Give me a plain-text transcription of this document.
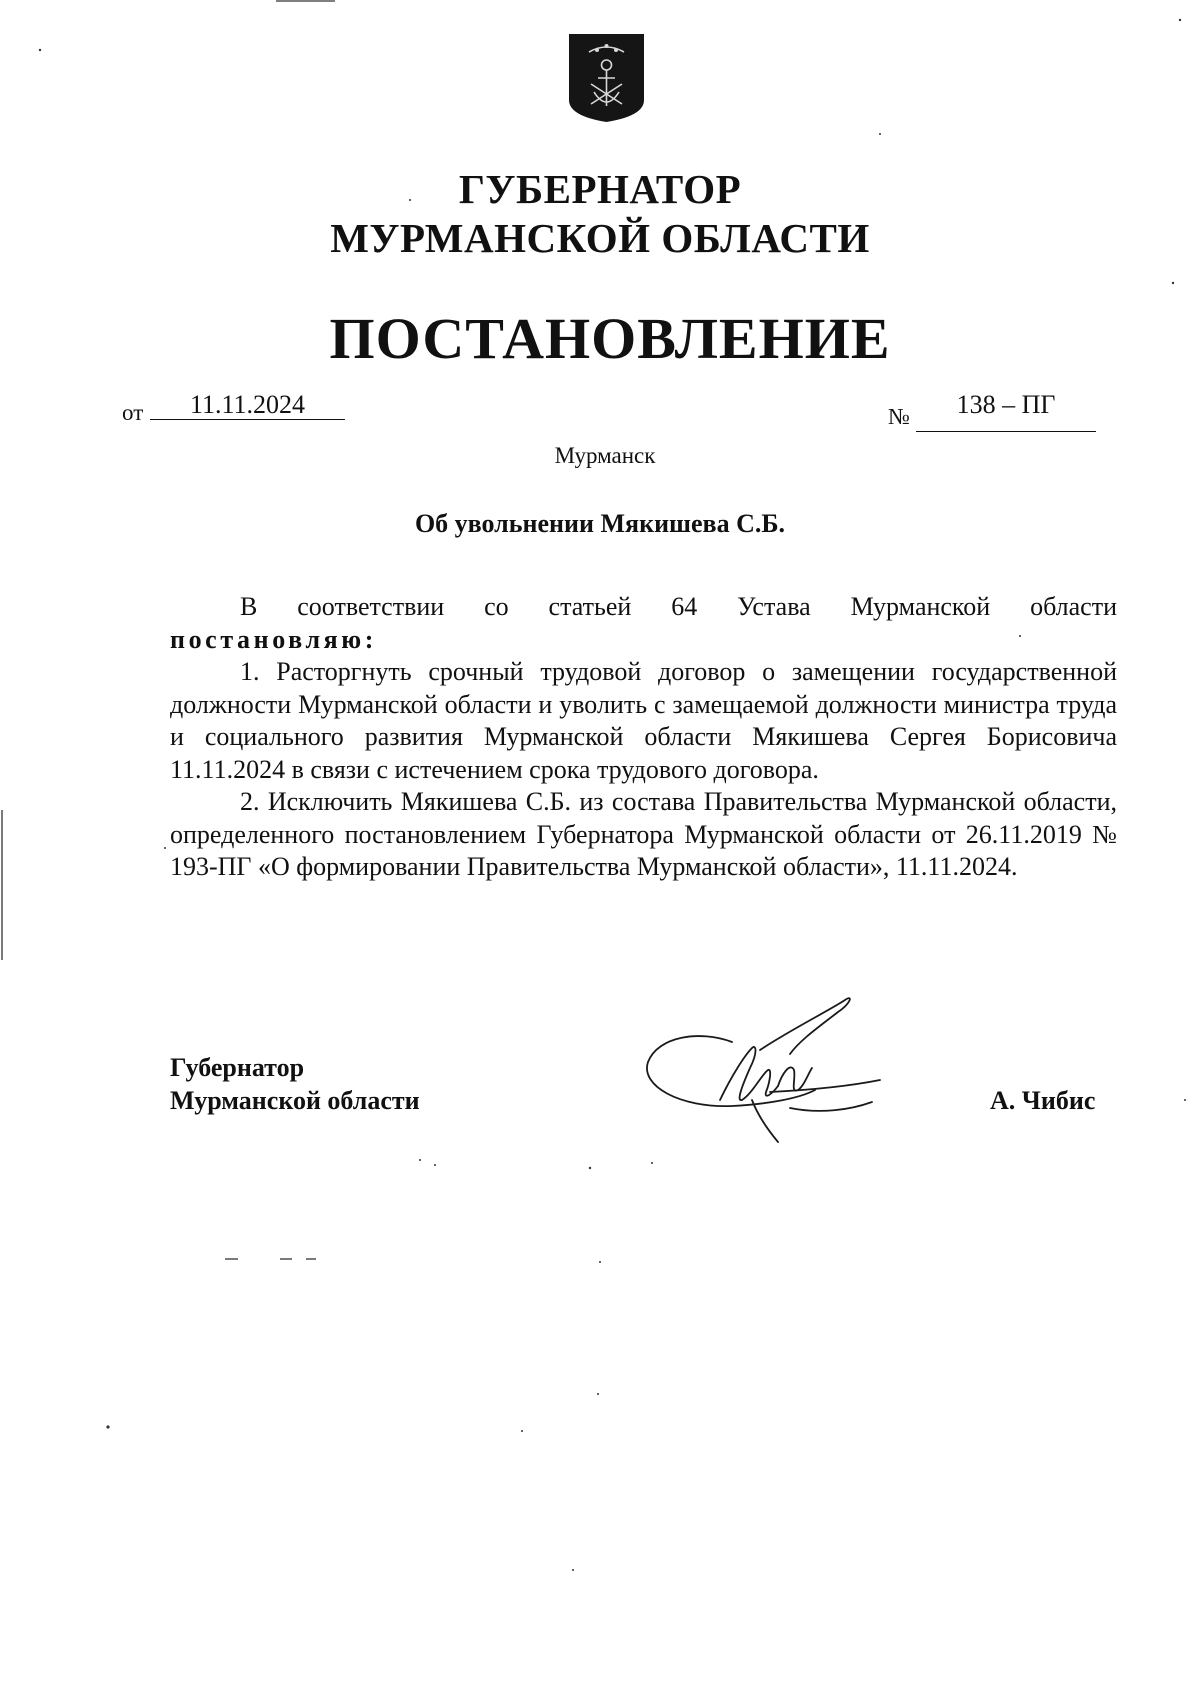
ГУБЕРНАТОР
МУРМАНСКОЙ ОБЛАСТИ
ПОСТАНОВЛЕНИЕ
от	11.11.2024	№	138 – ПГ
Мурманск
Об увольнении Мякишева С.Б.

В соответствии со статьей 64 Устава Мурманской области

постановляю:

1. Расторгнуть срочный трудовой договор о замещении государственной должности Мурманской области и уволить с замещаемой должности министра труда и социального развития Мурманской области Мякишева Сергея Борисовича 11.11.2024 в связи с истечением срока трудового договора.

2. Исключить Мякишева С.Б. из состава Правительства Мурманской области, определенного постановлением Губернатора Мурманской области от 26.11.2019 № 193-ПГ «О формировании Правительства Мурманской области», 11.11.2024.

Губернатор
Мурманской области	А. Чибис
